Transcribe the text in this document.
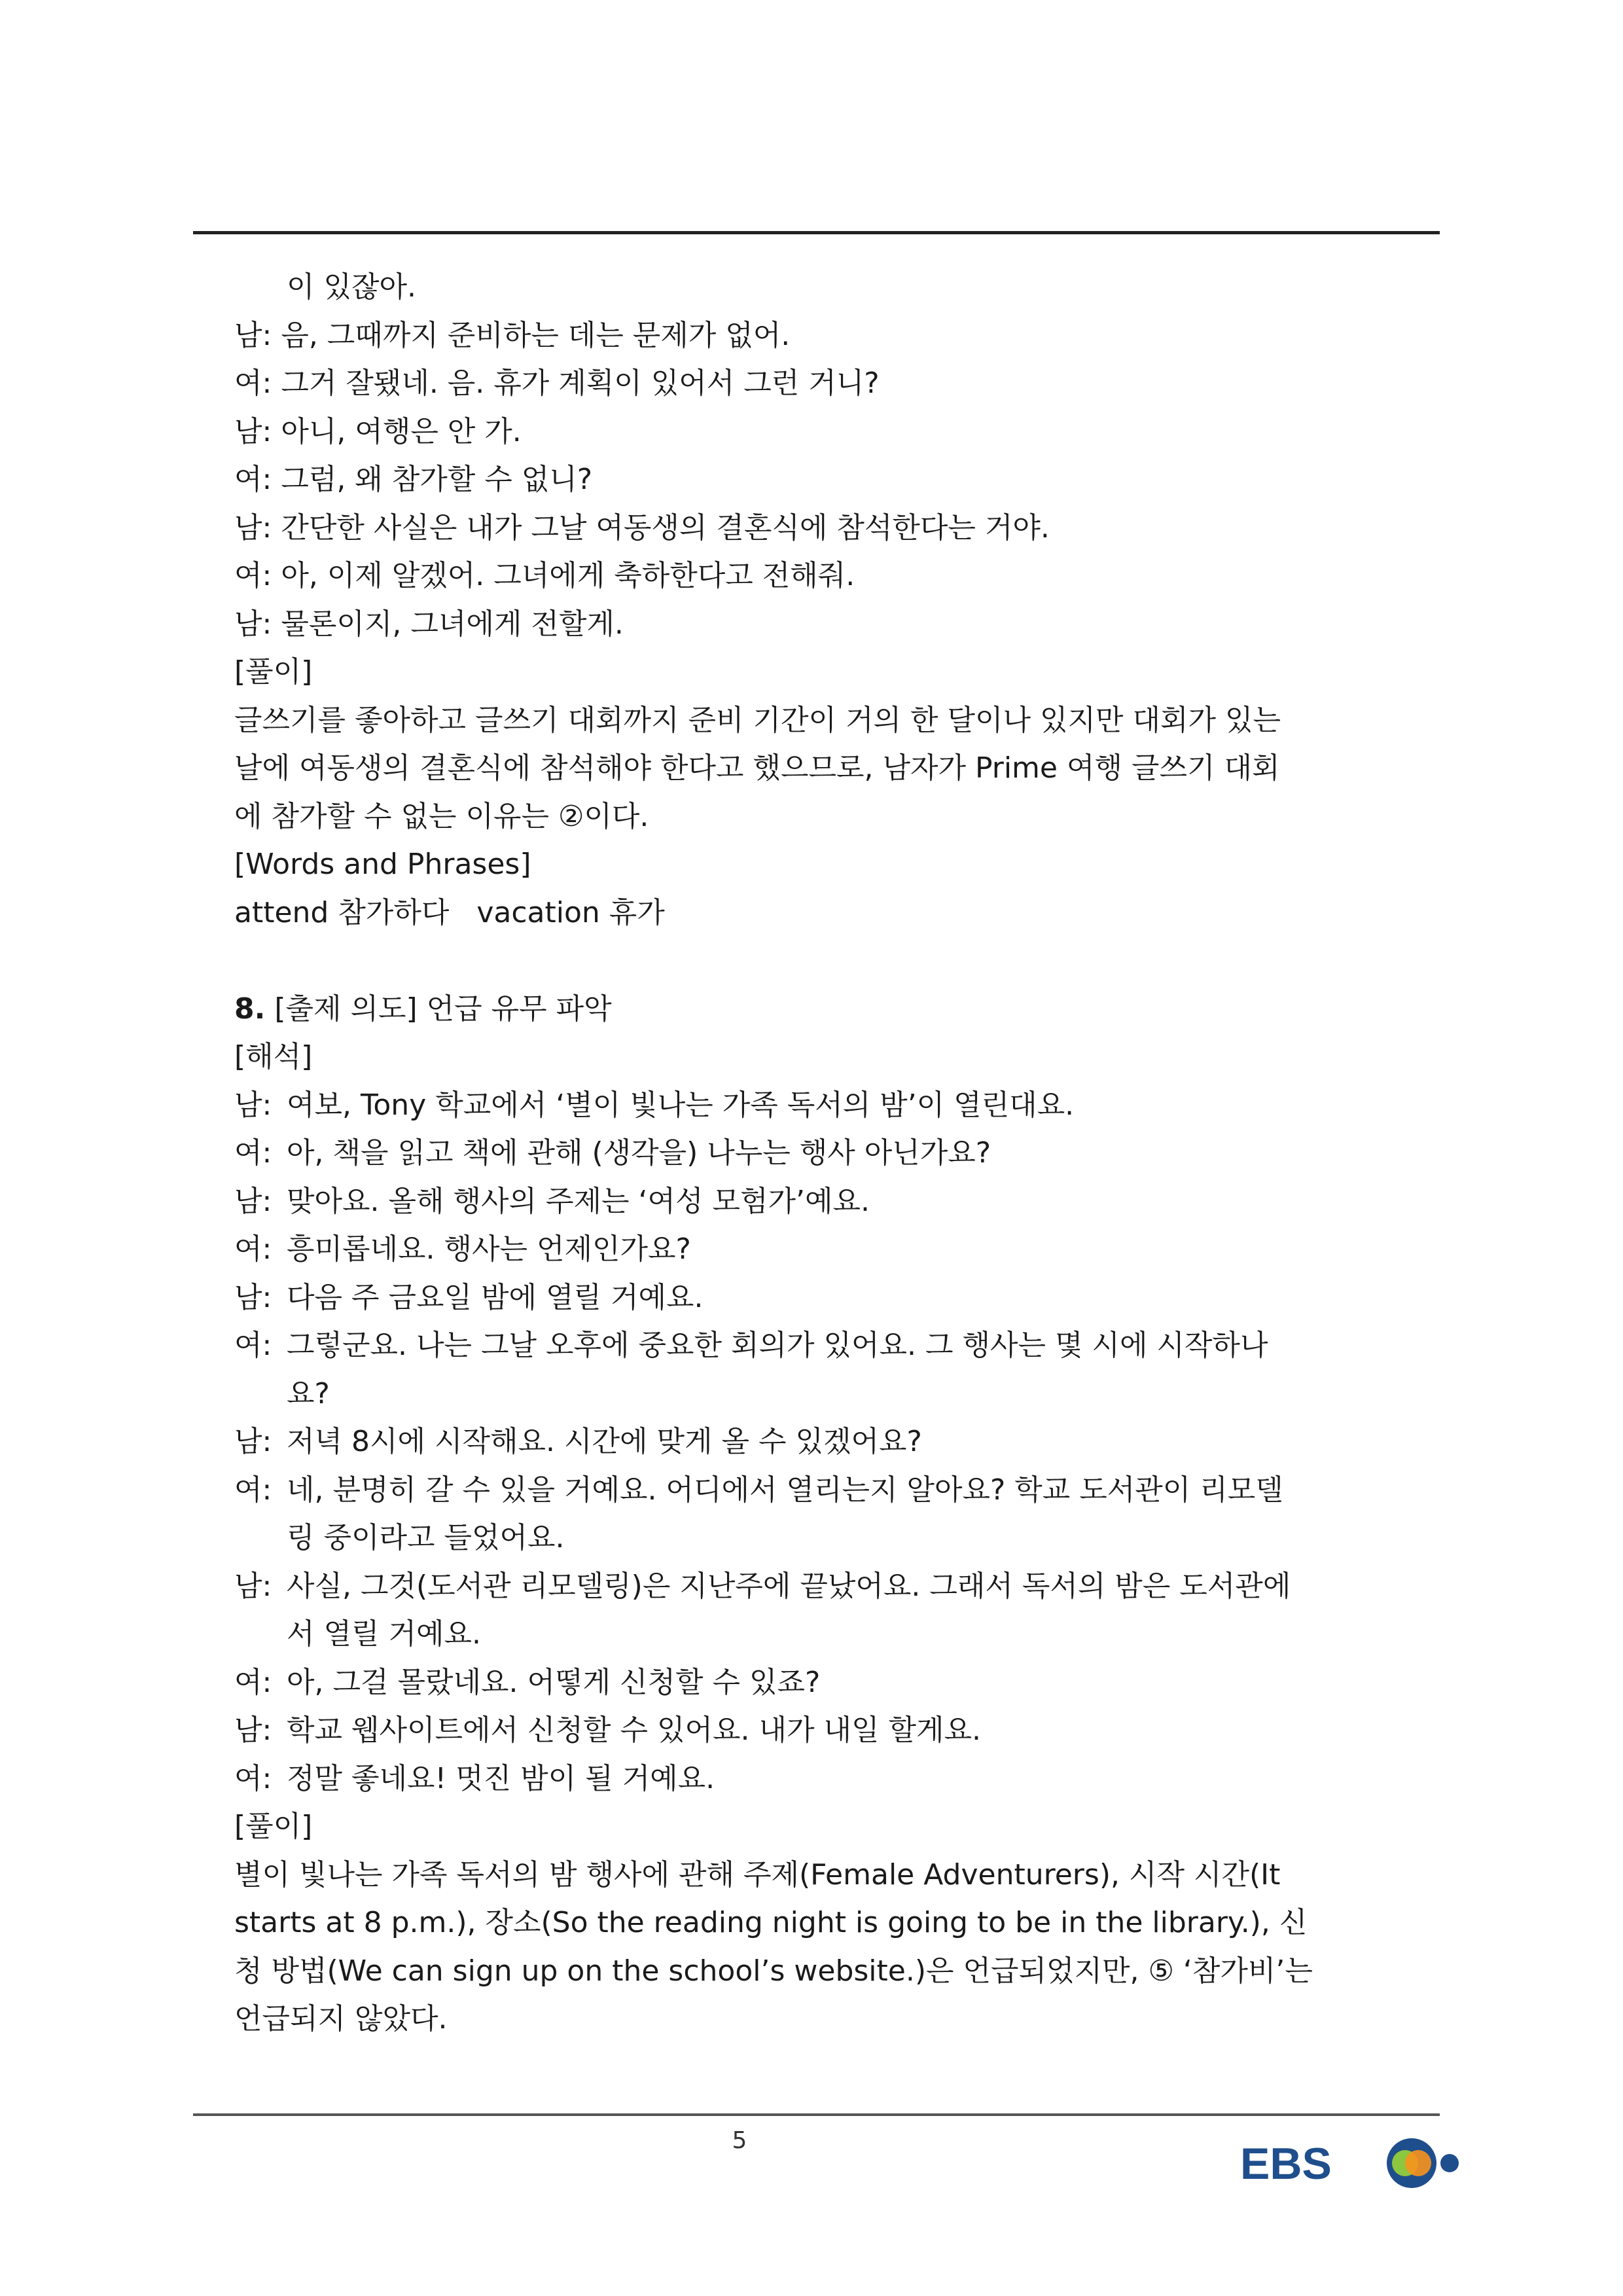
이 있잖아.
남: 음, 그때까지 준비하는 데는 문제가 없어.
여: 그거 잘됐네. 음. 휴가 계획이 있어서 그런 거니?
남: 아니, 여행은 안 가.
여: 그럼, 왜 참가할 수 없니?
남: 간단한 사실은 내가 그날 여동생의 결혼식에 참석한다는 거야.
여: 아, 이제 알겠어. 그녀에게 축하한다고 전해줘.
남: 물론이지, 그녀에게 전할게.
[풀이]
글쓰기를 좋아하고 글쓰기 대회까지 준비 기간이 거의 한 달이나 있지만 대회가 있는
날에 여동생의 결혼식에 참석해야 한다고 했으므로, 남자가 Prime 여행 글쓰기 대회
에 참가할 수 없는 이유는 ②이다.
[Words and Phrases]
attend 참가하다   vacation 휴가
8. [출제 의도] 언급 유무 파악
[해석]
남: 여보, Tony 학교에서 ‘별이 빛나는 가족 독서의 밤’이 열린대요.
여: 아, 책을 읽고 책에 관해 (생각을) 나누는 행사 아닌가요?
남: 맞아요. 올해 행사의 주제는 ‘여성 모험가’예요.
여: 흥미롭네요. 행사는 언제인가요?
남: 다음 주 금요일 밤에 열릴 거예요.
여: 그렇군요. 나는 그날 오후에 중요한 회의가 있어요. 그 행사는 몇 시에 시작하나
요?
남: 저녁 8시에 시작해요. 시간에 맞게 올 수 있겠어요?
여: 네, 분명히 갈 수 있을 거예요. 어디에서 열리는지 알아요? 학교 도서관이 리모델
링 중이라고 들었어요.
남: 사실, 그것(도서관 리모델링)은 지난주에 끝났어요. 그래서 독서의 밤은 도서관에
서 열릴 거예요.
여: 아, 그걸 몰랐네요. 어떻게 신청할 수 있죠?
남: 학교 웹사이트에서 신청할 수 있어요. 내가 내일 할게요.
여: 정말 좋네요! 멋진 밤이 될 거예요.
[풀이]
별이 빛나는 가족 독서의 밤 행사에 관해 주제(Female Adventurers), 시작 시간(It
starts at 8 p.m.), 장소(So the reading night is going to be in the library.), 신
청 방법(We can sign up on the school’s website.)은 언급되었지만, ⑤ ‘참가비’는
언급되지 않았다.
5	EBS
